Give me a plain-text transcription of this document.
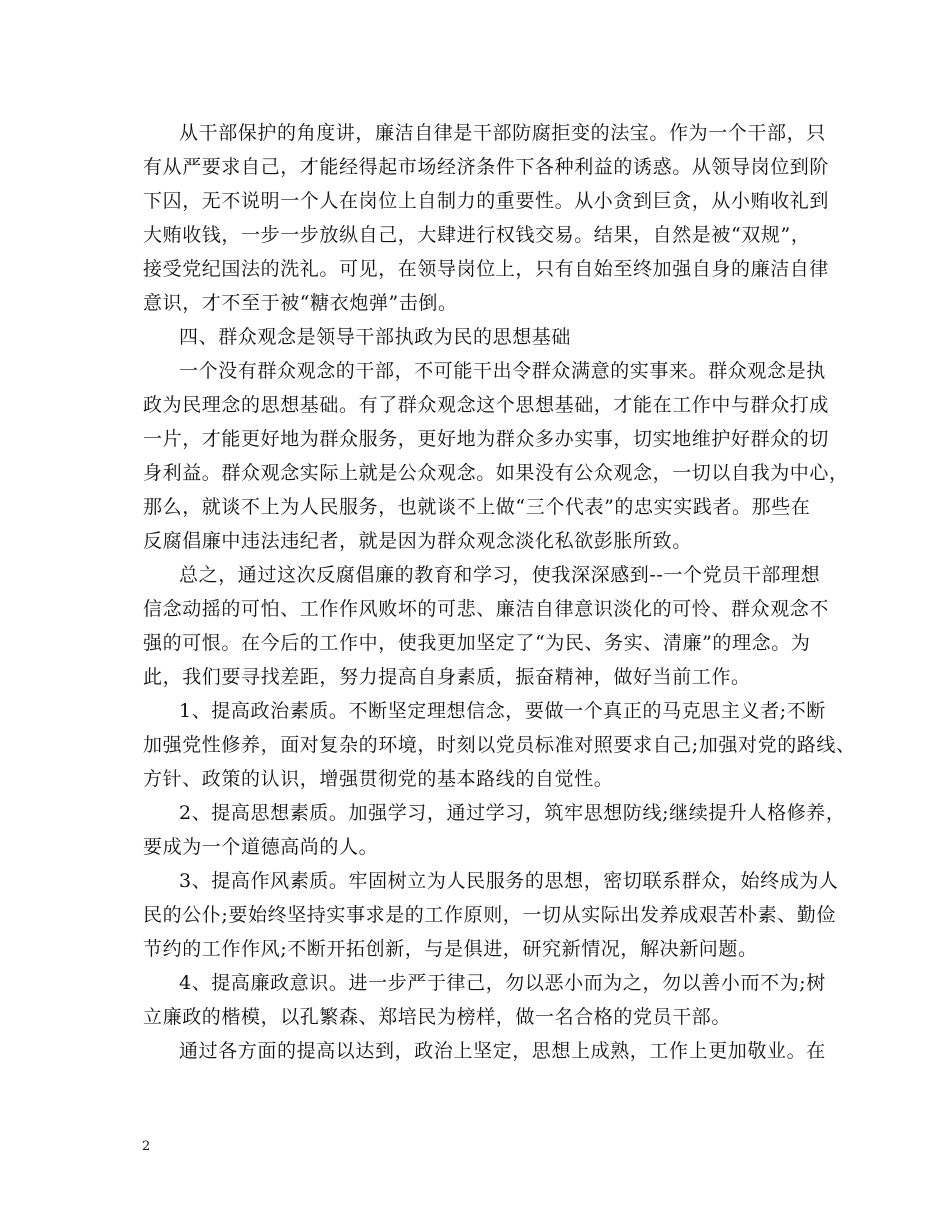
从干部保护的角度讲，廉洁自律是干部防腐拒变的法宝。作为一个干部，只
有从严要求自己，才能经得起市场经济条件下各种利益的诱惑。从领导岗位到阶
下囚，无不说明一个人在岗位上自制力的重要性。从小贪到巨贪，从小贿收礼到
大贿收钱，一步一步放纵自己，大肆进行权钱交易。结果，自然是被“双规”，
接受党纪国法的洗礼。可见，在领导岗位上，只有自始至终加强自身的廉洁自律
意识，才不至于被“糖衣炮弹”击倒。
四、群众观念是领导干部执政为民的思想基础
一个没有群众观念的干部，不可能干出令群众满意的实事来。群众观念是执
政为民理念的思想基础。有了群众观念这个思想基础，才能在工作中与群众打成
一片，才能更好地为群众服务，更好地为群众多办实事，切实地维护好群众的切
身利益。群众观念实际上就是公众观念。如果没有公众观念，一切以自我为中心，
那么，就谈不上为人民服务，也就谈不上做“三个代表”的忠实实践者。那些在
反腐倡廉中违法违纪者，就是因为群众观念淡化私欲彭胀所致。
总之，通过这次反腐倡廉的教育和学习，使我深深感到--一个党员干部理想
信念动摇的可怕、工作作风败坏的可悲、廉洁自律意识淡化的可怜、群众观念不
强的可恨。在今后的工作中，使我更加坚定了“为民、务实、清廉”的理念。为
此，我们要寻找差距，努力提高自身素质，振奋精神，做好当前工作。
1、提高政治素质。不断坚定理想信念，要做一个真正的马克思主义者;不断
加强党性修养，面对复杂的环境，时刻以党员标准对照要求自己;加强对党的路线、
方针、政策的认识，增强贯彻党的基本路线的自觉性。
2、提高思想素质。加强学习，通过学习，筑牢思想防线;继续提升人格修养，
要成为一个道德高尚的人。
3、提高作风素质。牢固树立为人民服务的思想，密切联系群众，始终成为人
民的公仆;要始终坚持实事求是的工作原则，一切从实际出发养成艰苦朴素、勤俭
节约的工作作风;不断开拓创新，与是俱进，研究新情况，解决新问题。
4、提高廉政意识。进一步严于律己，勿以恶小而为之，勿以善小而不为;树
立廉政的楷模，以孔繁森、郑培民为榜样，做一名合格的党员干部。
通过各方面的提高以达到，政治上坚定，思想上成熟，工作上更加敬业。在
2
